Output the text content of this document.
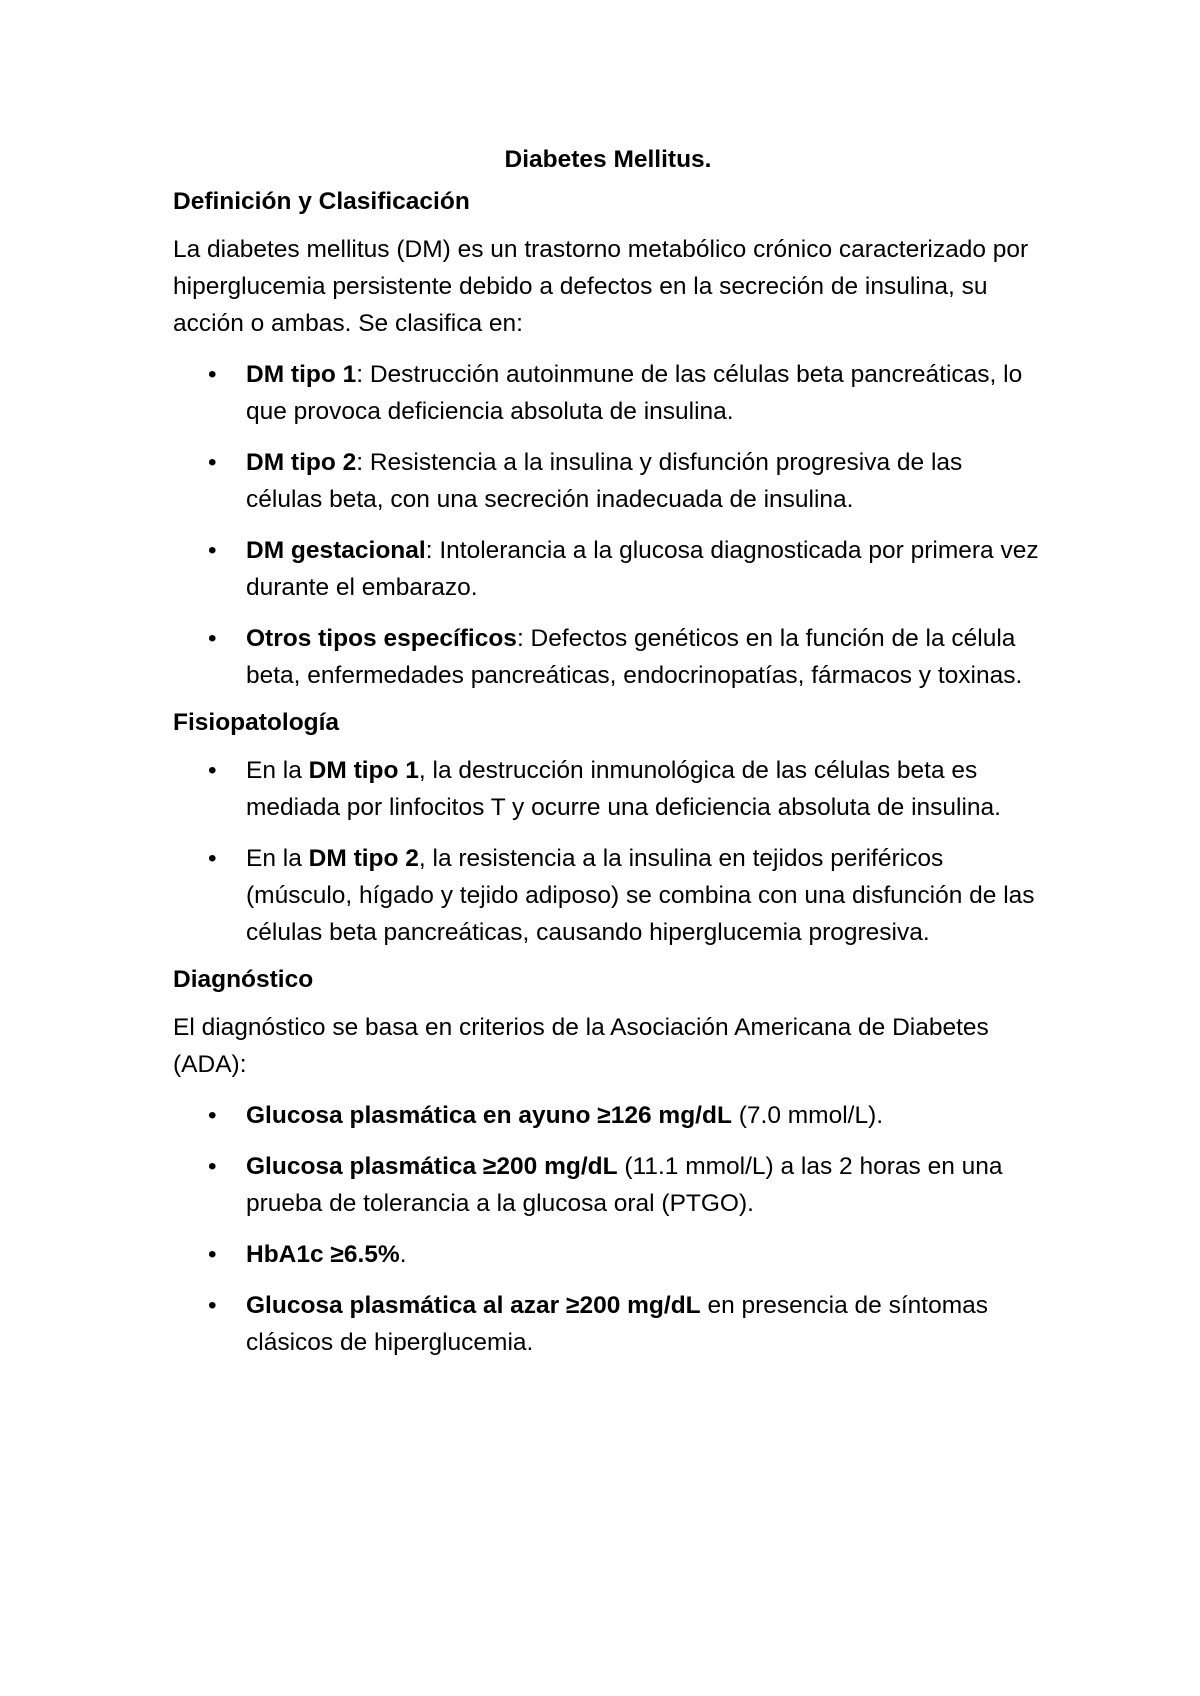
Diabetes Mellitus.
Definición y Clasificación
La diabetes mellitus (DM) es un trastorno metabólico crónico caracterizado por hiperglucemia persistente debido a defectos en la secreción de insulina, su acción o ambas. Se clasifica en:
• DM tipo 1: Destrucción autoinmune de las células beta pancreáticas, lo que provoca deficiencia absoluta de insulina.
• DM tipo 2: Resistencia a la insulina y disfunción progresiva de las células beta, con una secreción inadecuada de insulina.
• DM gestacional: Intolerancia a la glucosa diagnosticada por primera vez durante el embarazo.
• Otros tipos específicos: Defectos genéticos en la función de la célula beta, enfermedades pancreáticas, endocrinopatías, fármacos y toxinas.
Fisiopatología
• En la DM tipo 1, la destrucción inmunológica de las células beta es mediada por linfocitos T y ocurre una deficiencia absoluta de insulina.
• En la DM tipo 2, la resistencia a la insulina en tejidos periféricos (músculo, hígado y tejido adiposo) se combina con una disfunción de las células beta pancreáticas, causando hiperglucemia progresiva.
Diagnóstico
El diagnóstico se basa en criterios de la Asociación Americana de Diabetes (ADA):
• Glucosa plasmática en ayuno ≥126 mg/dL (7.0 mmol/L).
• Glucosa plasmática ≥200 mg/dL (11.1 mmol/L) a las 2 horas en una prueba de tolerancia a la glucosa oral (PTGO).
• HbA1c ≥6.5%.
• Glucosa plasmática al azar ≥200 mg/dL en presencia de síntomas clásicos de hiperglucemia.
